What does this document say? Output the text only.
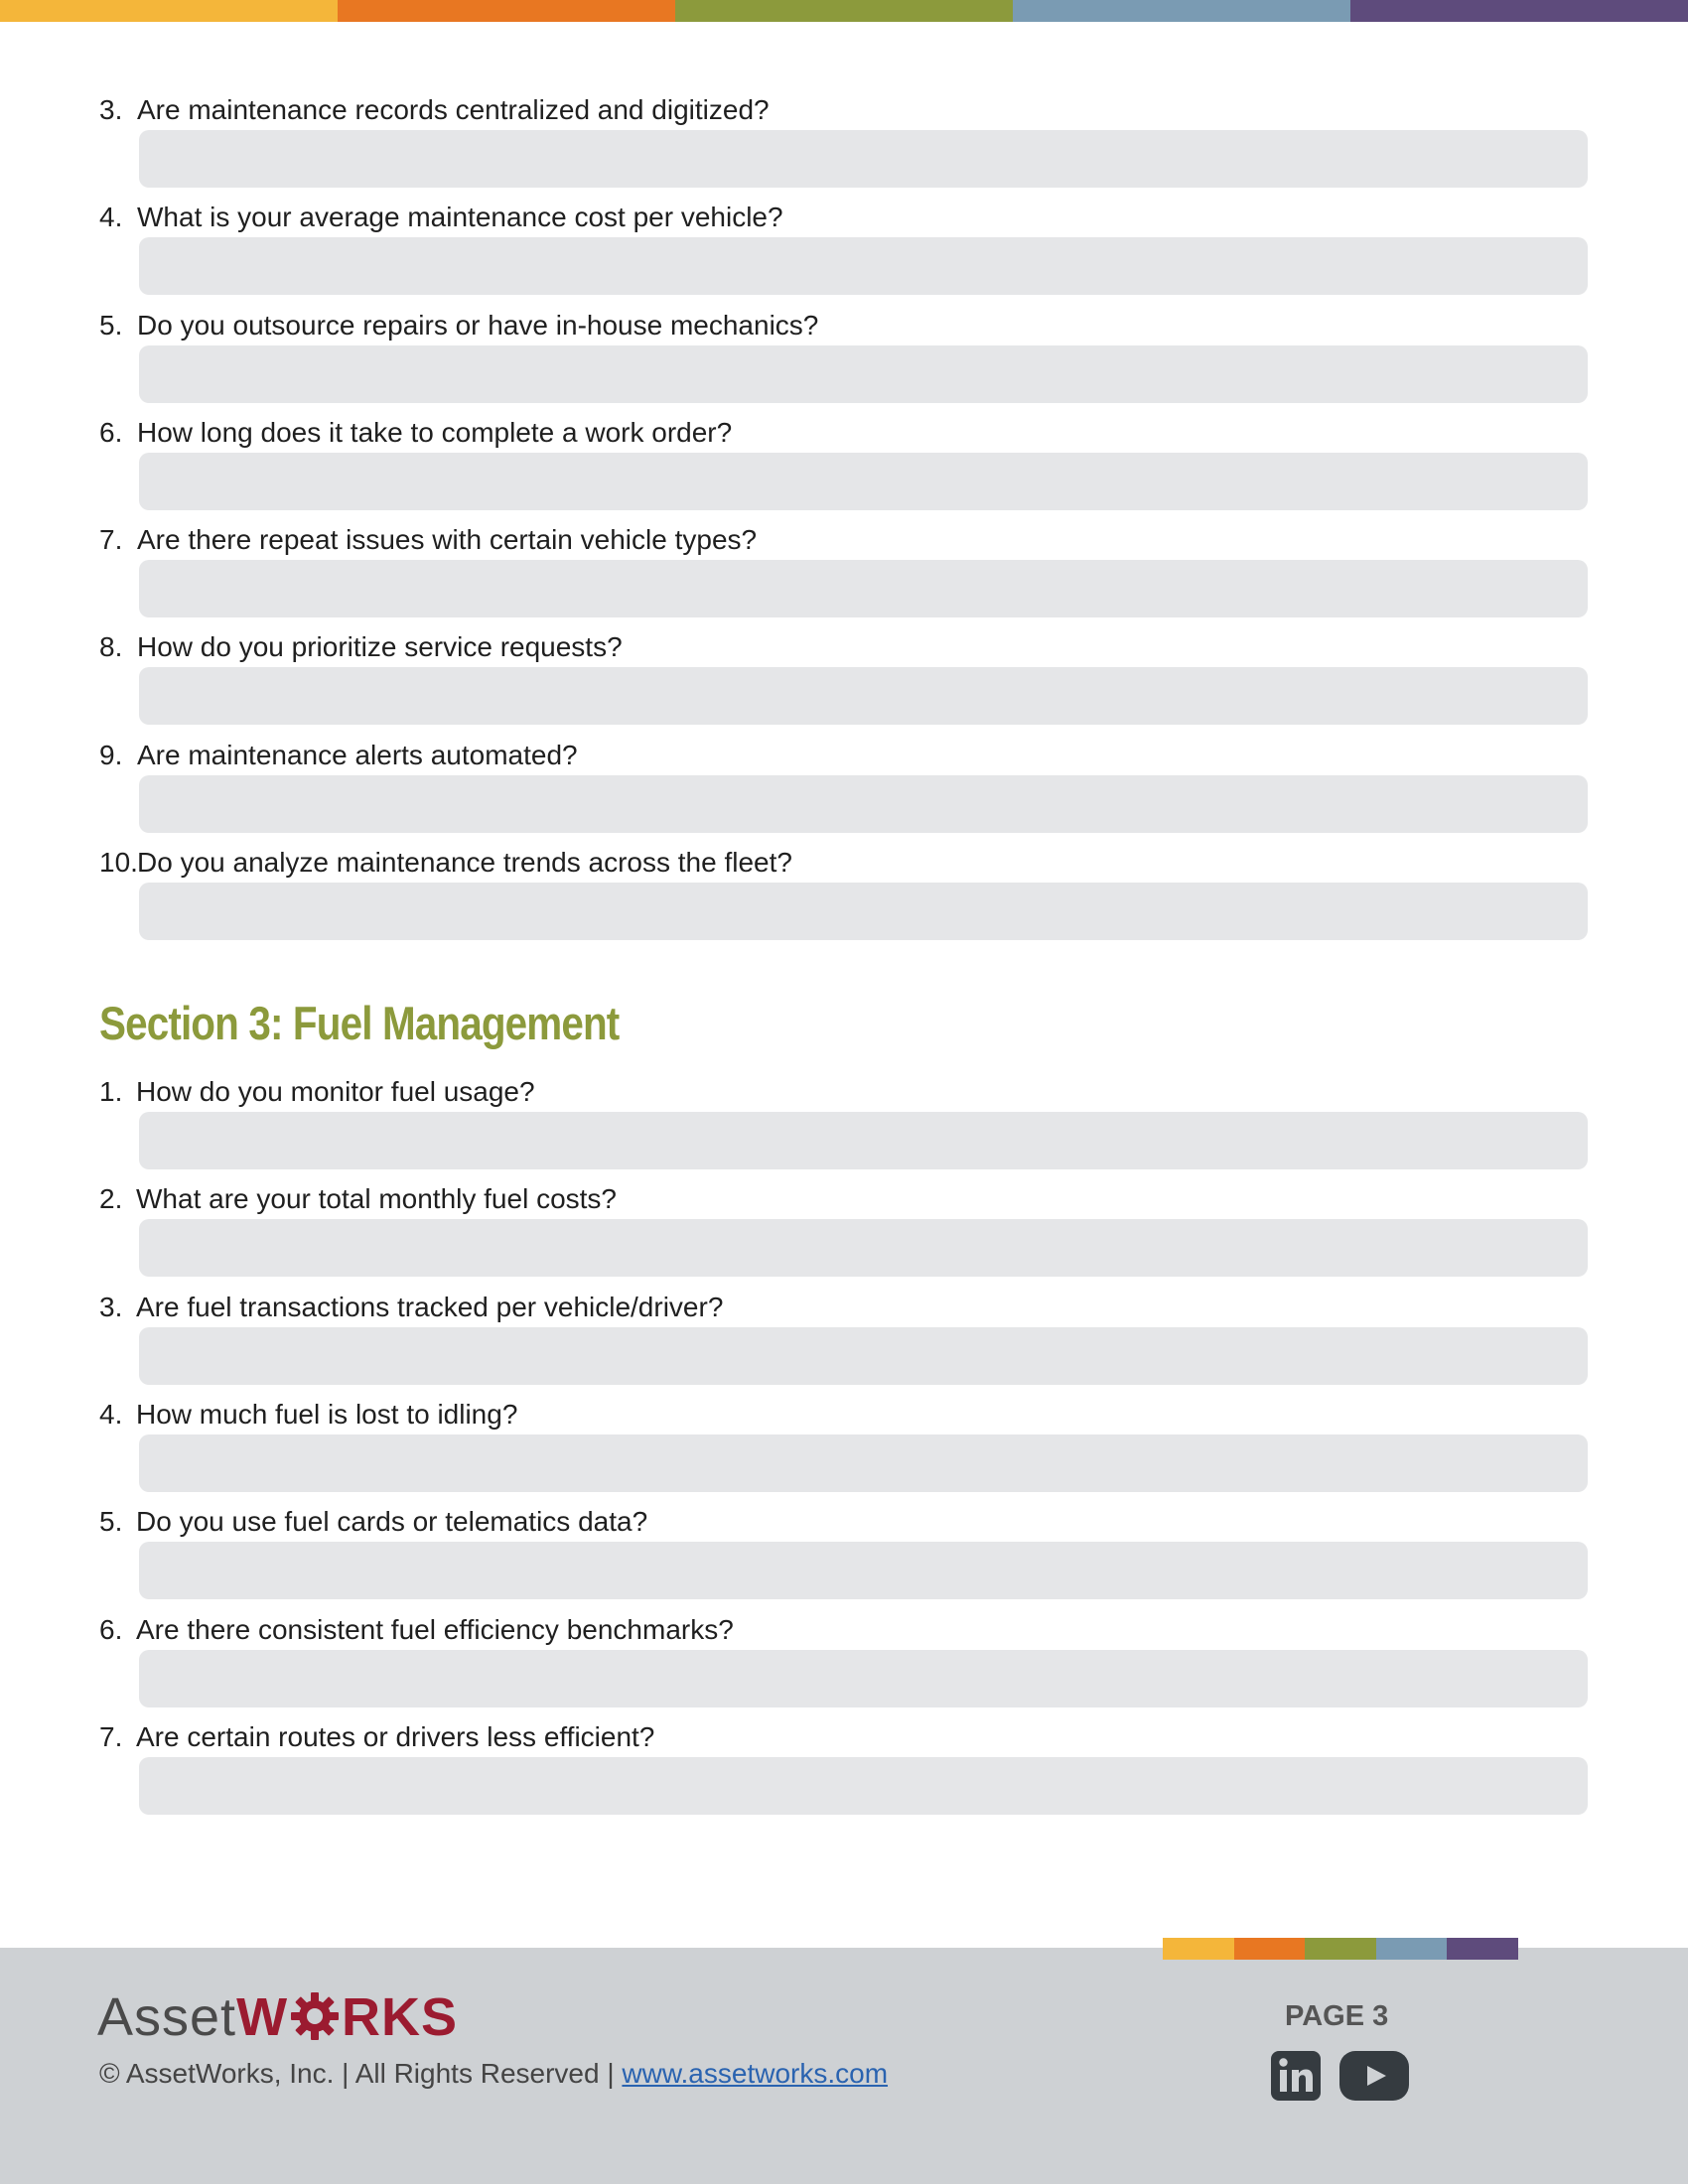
3. Are maintenance records centralized and digitized?
4. What is your average maintenance cost per vehicle?
5. Do you outsource repairs or have in-house mechanics?
6. How long does it take to complete a work order?
7. Are there repeat issues with certain vehicle types?
8. How do you prioritize service requests?
9. Are maintenance alerts automated?
10. Do you analyze maintenance trends across the fleet?
Section 3: Fuel Management
1. How do you monitor fuel usage?
2. What are your total monthly fuel costs?
3. Are fuel transactions tracked per vehicle/driver?
4. How much fuel is lost to idling?
5. Do you use fuel cards or telematics data?
6. Are there consistent fuel efficiency benchmarks?
7. Are certain routes or drivers less efficient?
AssetW RKS
© AssetWorks, Inc. | All Rights Reserved | www.assetworks.com
PAGE 3
